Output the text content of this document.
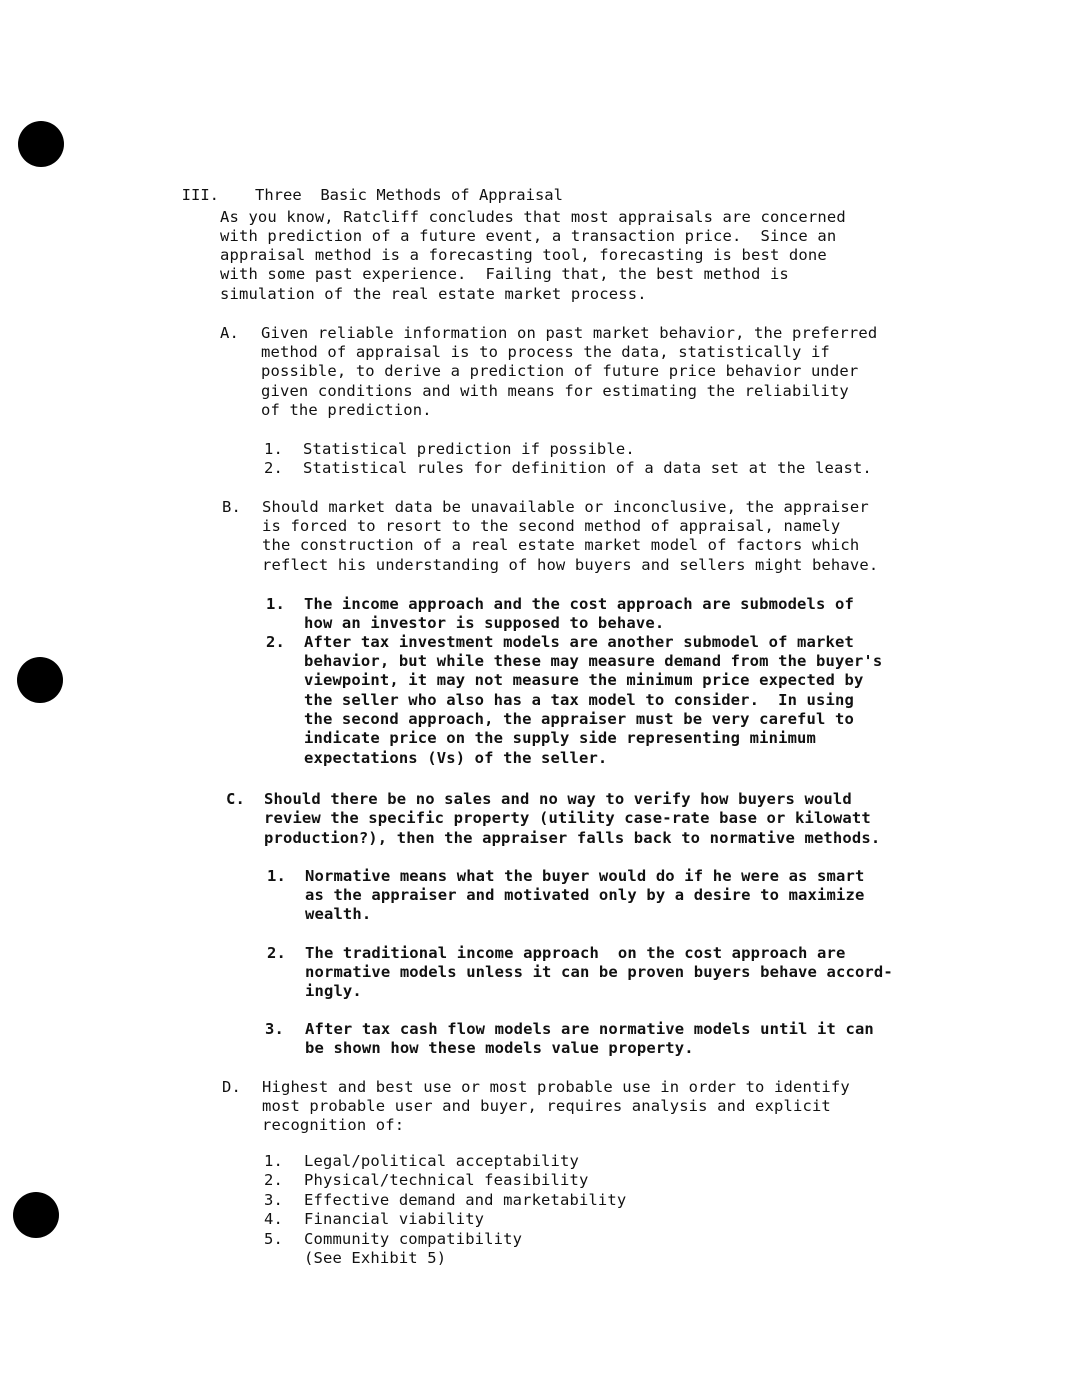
III. Three  Basic Methods of Appraisal

As you know, Ratcliff concludes that most appraisals are concerned

with prediction of a future event, a transaction price.  Since an

appraisal method is a forecasting tool, forecasting is best done

with some past experience.  Failing that, the best method is

simulation of the real estate market process.

A. Given reliable information on past market behavior, the preferred

method of appraisal is to process the data, statistically if

possible, to derive a prediction of future price behavior under

given conditions and with means for estimating the reliability

of the prediction.

1. Statistical prediction if possible.

2. Statistical rules for definition of a data set at the least.

B. Should market data be unavailable or inconclusive, the appraiser

is forced to resort to the second method of appraisal, namely

the construction of a real estate market model of factors which

reflect his understanding of how buyers and sellers might behave.

1. The income approach and the cost approach are submodels of

how an investor is supposed to behave.

2. After tax investment models are another submodel of market

behavior, but while these may measure demand from the buyer's

viewpoint, it may not measure the minimum price expected by

the seller who also has a tax model to consider.  In using

the second approach, the appraiser must be very careful to

indicate price on the supply side representing minimum

expectations (Vs) of the seller.

C. Should there be no sales and no way to verify how buyers would

review the specific property (utility case-rate base or kilowatt

production?), then the appraiser falls back to normative methods.

1. Normative means what the buyer would do if he were as smart

as the appraiser and motivated only by a desire to maximize

wealth.

2. The traditional income approach  on the cost approach are

normative models unless it can be proven buyers behave accord-

ingly.

3. After tax cash flow models are normative models until it can

be shown how these models value property.

D. Highest and best use or most probable use in order to identify

most probable user and buyer, requires analysis and explicit

recognition of:

1. Legal/political acceptability

2. Physical/technical feasibility

3. Effective demand and marketability

4. Financial viability

5. Community compatibility

(See Exhibit 5)
